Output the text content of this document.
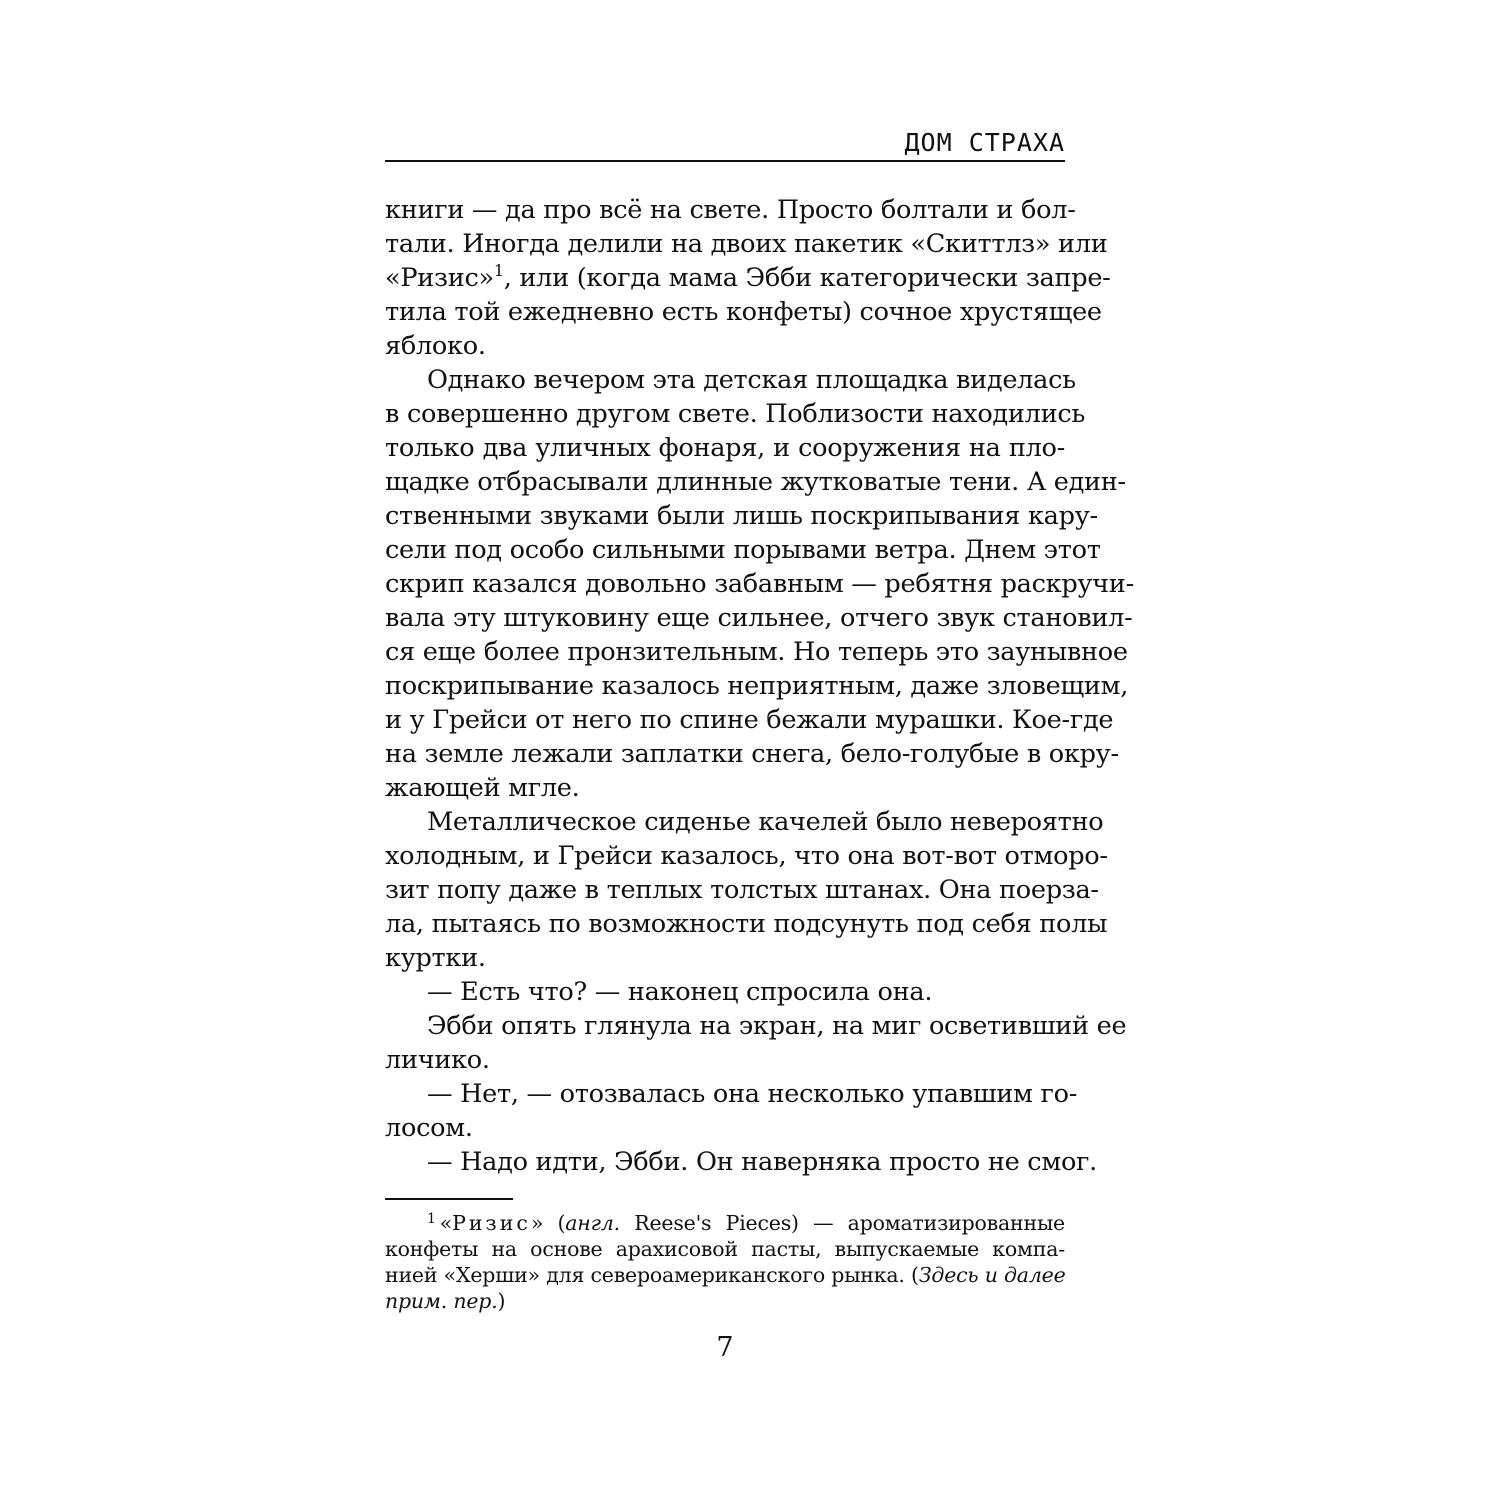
ДОМ СТРАХА
книги — да про всё на свете. Просто болтали и бол-
тали. Иногда делили на двоих пакетик «Скиттлз» или
«Ризис»$^1$, или (когда мама Эбби категорически запре-
тила той ежедневно есть конфеты) сочное хрустящее
яблоко.
Однако вечером эта детская площадка виделась
в совершенно другом свете. Поблизости находились
только два уличных фонаря, и сооружения на пло-
щадке отбрасывали длинные жутковатые тени. А един-
ственными звуками были лишь поскрипывания кару-
сели под особо сильными порывами ветра. Днем этот
скрип казался довольно забавным — ребятня раскручи-
вала эту штуковину еще сильнее, отчего звук становил-
ся еще более пронзительным. Но теперь это заунывное
поскрипывание казалось неприятным, даже зловещим,
и у Грейси от него по спине бежали мурашки. Кое-где
на земле лежали заплатки снега, бело-голубые в окру-
жающей мгле.
Металлическое сиденье качелей было невероятно
холодным, и Грейси казалось, что она вот-вот отморо-
зит попу даже в теплых толстых штанах. Она поерза-
ла, пытаясь по возможности подсунуть под себя полы
куртки.
— Есть что? — наконец спросила она.
Эбби опять глянула на экран, на миг осветивший ее
личико.
— Нет, — отозвалась она несколько упавшим го-
лосом.
— Надо идти, Эбби. Он наверняка просто не смог.
$^1$ «Ризис» (англ. Reese's Pieces) — ароматизированные
конфеты на основе арахисовой пасты, выпускаемые компа-
нией «Херши» для североамериканского рынка. (Здесь и далее
прим. пер.)
7
